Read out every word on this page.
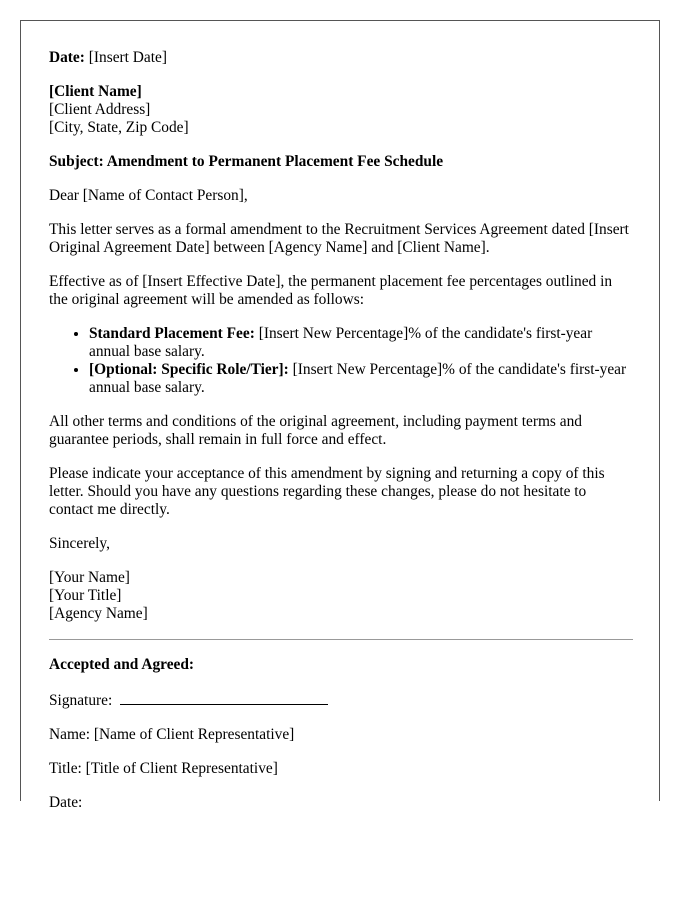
Date: [Insert Date]

[Client Name]
[Client Address]
[City, State, Zip Code]

Subject: Amendment to Permanent Placement Fee Schedule

Dear [Name of Contact Person],

This letter serves as a formal amendment to the Recruitment Services Agreement dated [Insert Original Agreement Date] between [Agency Name] and [Client Name].

Effective as of [Insert Effective Date], the permanent placement fee percentages outlined in the original agreement will be amended as follows:

• Standard Placement Fee: [Insert New Percentage]% of the candidate's first-year annual base salary.
• [Optional: Specific Role/Tier]: [Insert New Percentage]% of the candidate's first-year annual base salary.

All other terms and conditions of the original agreement, including payment terms and guarantee periods, shall remain in full force and effect.

Please indicate your acceptance of this amendment by signing and returning a copy of this letter. Should you have any questions regarding these changes, please do not hesitate to contact me directly.

Sincerely,

[Your Name]
[Your Title]
[Agency Name]

Accepted and Agreed:

Signature:

Name: [Name of Client Representative]

Title: [Title of Client Representative]

Date:
